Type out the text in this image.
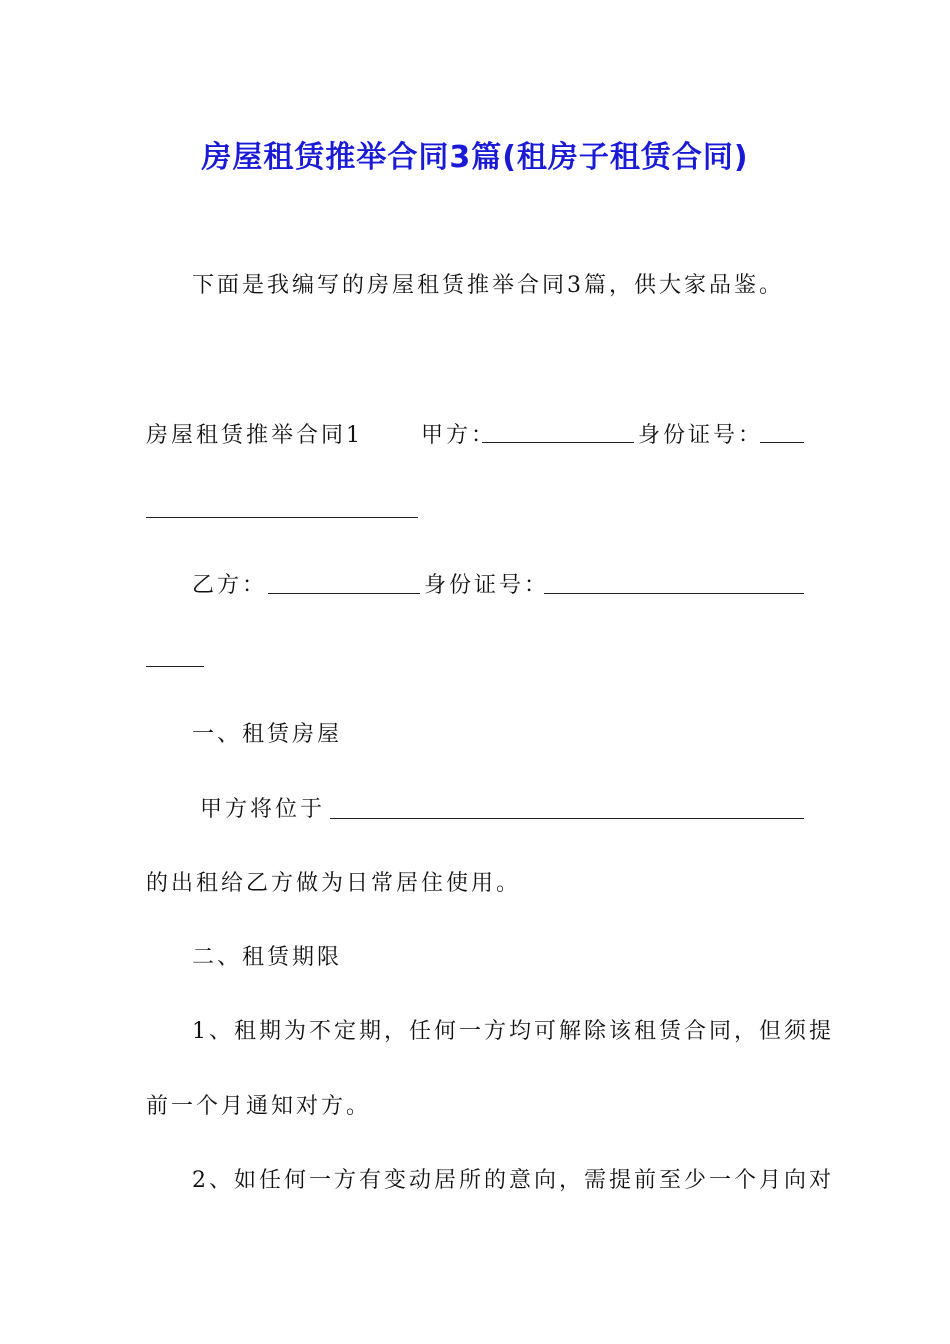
房屋租赁推举合同3篇(租房子租赁合同)
下面是我编写的房屋租赁推举合同3篇，供大家品鉴。
房屋租赁推举合同1	甲方：	身份证号：
乙方：	身份证号：
一、租赁房屋
甲方将位于
的出租给乙方做为日常居住使用。
二、租赁期限
1、租期为不定期，任何一方均可解除该租赁合同，但须提
前一个月通知对方。
2、如任何一方有变动居所的意向，需提前至少一个月向对
